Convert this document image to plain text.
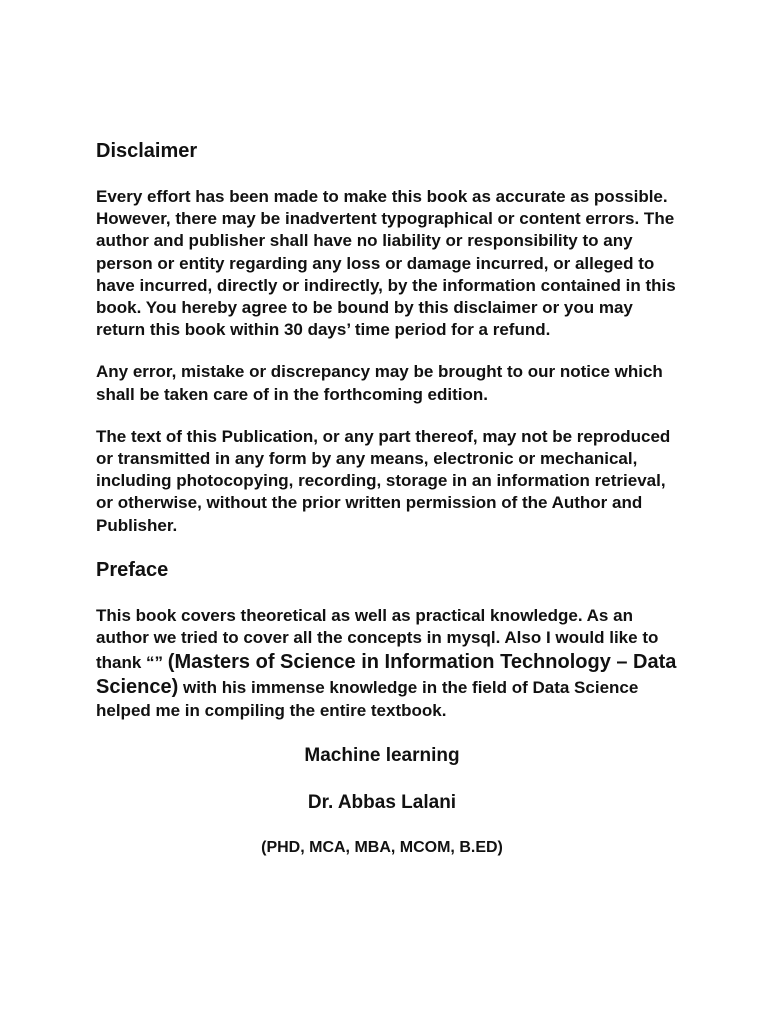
Disclaimer

Every effort has been made to make this book as accurate as possible. However, there may be inadvertent typographical or content errors. The author and publisher shall have no liability or responsibility to any person or entity regarding any loss or damage incurred, or alleged to have incurred, directly or indirectly, by the information contained in this book. You hereby agree to be bound by this disclaimer or you may return this book within 30 days’ time period for a refund.

Any error, mistake or discrepancy may be brought to our notice which shall be taken care of in the forthcoming edition.

The text of this Publication, or any part thereof, may not be reproduced or transmitted in any form by any means, electronic or mechanical, including photocopying, recording, storage in an information retrieval, or otherwise, without the prior written permission of the Author and Publisher.

Preface

This book covers theoretical as well as practical knowledge. As an author we tried to cover all the concepts in mysql. Also I would like to thank “” (Masters of Science in Information Technology – Data Science) with his immense knowledge in the field of Data Science helped me in compiling the entire textbook.

Machine learning
Dr. Abbas Lalani
(PHD, MCA, MBA, MCOM, B.ED)
